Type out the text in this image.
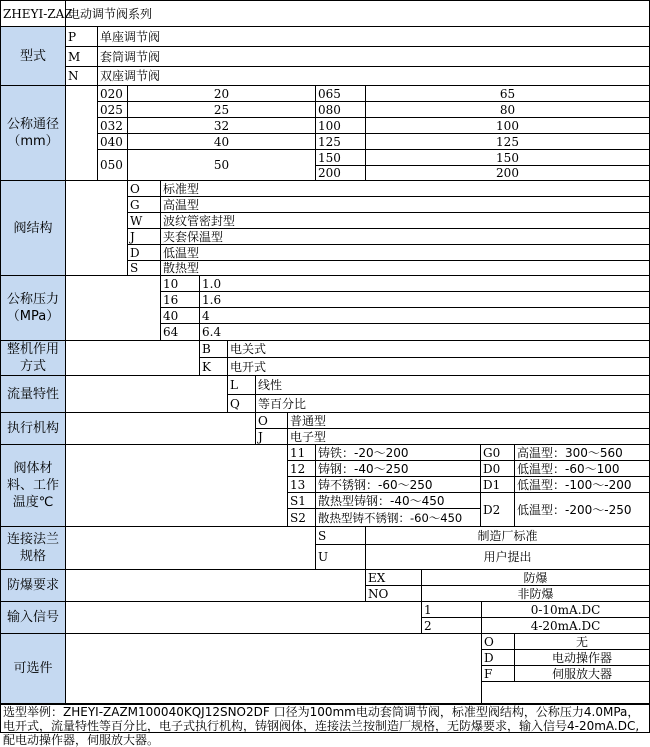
ZHEYI-ZAZ
电动调节阀系列
型式
P	单座调节阀
M	套筒调节阀
N	双座调节阀
公称通径（mm）
020	20
025	25
032	32
040	40
050	50
065	65
080	80
100	100
125	125
150	150
200	200
阀结构
O	标准型
G	高温型
W	波纹管密封型
J	夹套保温型
D	低温型
S	散热型
公称压力（MPa）
10	1.0
16	1.6
40	4
64	6.4
整机作用方式
B	电关式
K	电开式
流量特性
L	线性
Q	等百分比
执行机构
O	普通型
J	电子型
阀体材料、工作温度℃
11	铸铁：-20～200
12	铸钢：-40～250
13	铸不锈钢：-60～250
S1	散热型铸钢：-40～450
S2	散热型铸不锈钢：-60～450
G0	高温型：300～560
D0	低温型：-60～100
D1	低温型：-100～-200
D2	低温型：-200～-250
连接法兰规格
S	制造厂标准
U	用户提出
防爆要求
EX	防爆
NO	非防爆
输入信号
1	0-10mA.DC
2	4-20mA.DC
可选件
O	无
D	电动操作器
F	伺服放大器
选型举例：ZHEYI-ZAZM100040KQJ12SNO2DF 口径为100mm电动套筒调节阀，标准型阀结构，公称压力4.0MPa，电开式，流量特性等百分比，电子式执行机构，铸钢阀体，连接法兰按制造厂规格，无防爆要求，输入信号4-20mA.DC,配电动操作器，伺服放大器。
